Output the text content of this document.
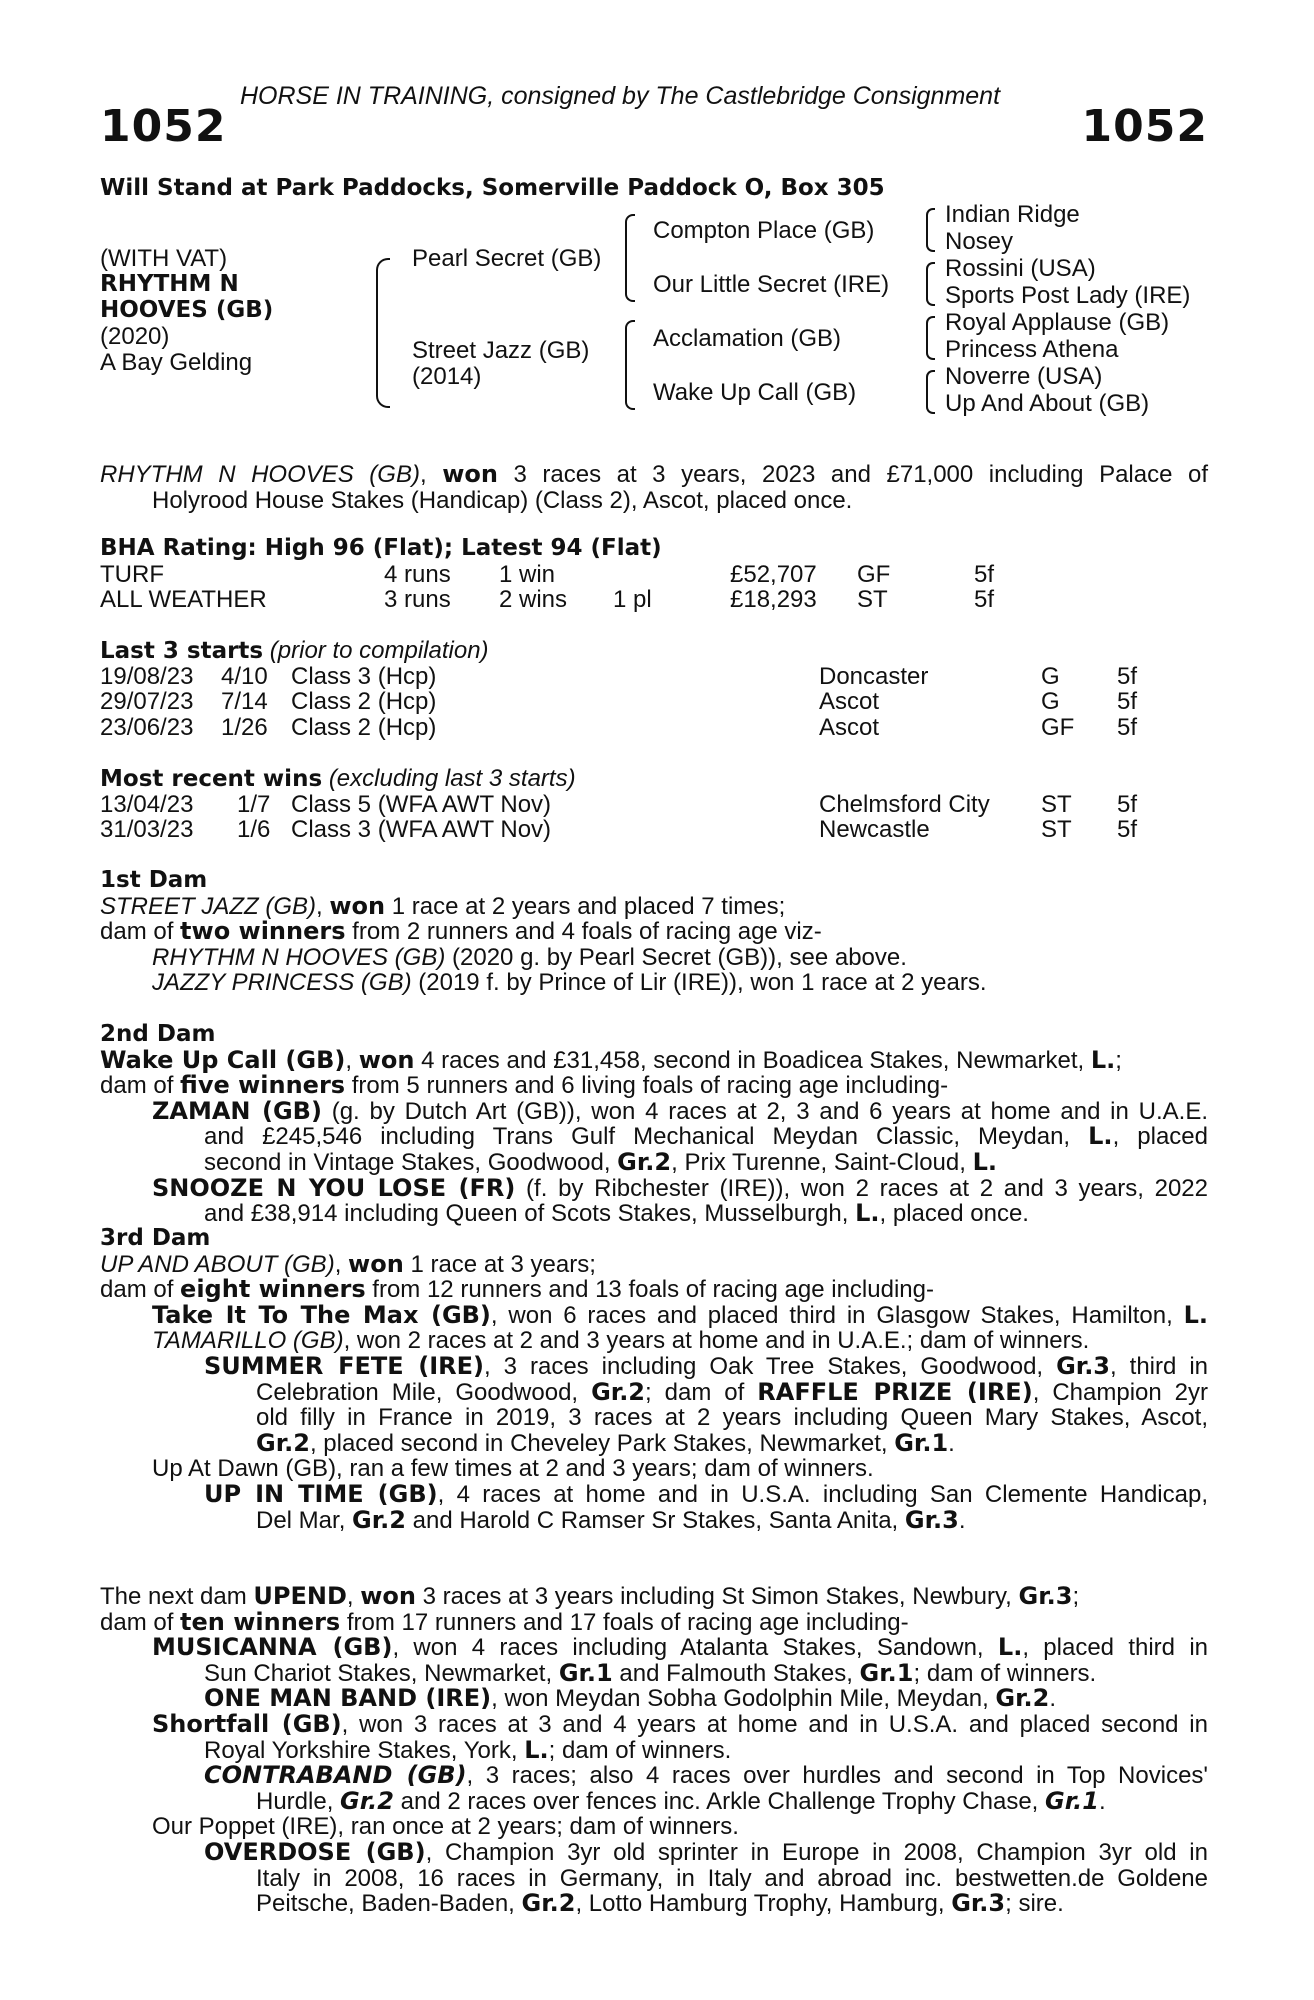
HORSE IN TRAINING, consigned by The Castlebridge Consignment
1052	1052
Will Stand at Park Paddocks, Somerville Paddock O, Box 305
(WITH VAT)
RHYTHM N
HOOVES (GB)
(2020)
A Bay Gelding
Pearl Secret (GB)
Street Jazz (GB)
(2014)
Compton Place (GB)
Our Little Secret (IRE)
Acclamation (GB)
Wake Up Call (GB)
Indian Ridge
Nosey
Rossini (USA)
Sports Post Lady (IRE)
Royal Applause (GB)
Princess Athena
Noverre (USA)
Up And About (GB)
RHYTHM N HOOVES (GB), won 3 races at 3 years, 2023 and £71,000 including Palace of
Holyrood House Stakes (Handicap) (Class 2), Ascot, placed once.
BHA Rating: High 96 (Flat); Latest 94 (Flat)
TURF	4 runs 1 win	£52,707 GF	5f
ALL WEATHER	3 runs 2 wins 1 pl	£18,293 ST	5f
Last 3 starts (prior to compilation)
19/08/23 4/10 Class 3 (Hcp)	Doncaster	G 5f
29/07/23 7/14 Class 2 (Hcp)	Ascot	G 5f
23/06/23 1/26 Class 2 (Hcp)	Ascot	GF 5f
Most recent wins (excluding last 3 starts)
13/04/23 1/7 Class 5 (WFA AWT Nov)	Chelmsford City ST 5f
31/03/23 1/6 Class 3 (WFA AWT Nov)	Newcastle	ST 5f
1st Dam
STREET JAZZ (GB), won 1 race at 2 years and placed 7 times;
dam of two winners from 2 runners and 4 foals of racing age viz-
RHYTHM N HOOVES (GB) (2020 g. by Pearl Secret (GB)), see above.
JAZZY PRINCESS (GB) (2019 f. by Prince of Lir (IRE)), won 1 race at 2 years.
2nd Dam
Wake Up Call (GB), won 4 races and £31,458, second in Boadicea Stakes, Newmarket, L.;
dam of five winners from 5 runners and 6 living foals of racing age including-
ZAMAN (GB) (g. by Dutch Art (GB)), won 4 races at 2, 3 and 6 years at home and in U.A.E.
and £245,546 including Trans Gulf Mechanical Meydan Classic, Meydan, L., placed
second in Vintage Stakes, Goodwood, Gr.2, Prix Turenne, Saint-Cloud, L.
SNOOZE N YOU LOSE (FR) (f. by Ribchester (IRE)), won 2 races at 2 and 3 years, 2022
and £38,914 including Queen of Scots Stakes, Musselburgh, L., placed once.
3rd Dam
UP AND ABOUT (GB), won 1 race at 3 years;
dam of eight winners from 12 runners and 13 foals of racing age including-
Take It To The Max (GB), won 6 races and placed third in Glasgow Stakes, Hamilton, L.
TAMARILLO (GB), won 2 races at 2 and 3 years at home and in U.A.E.; dam of winners.
SUMMER FETE (IRE), 3 races including Oak Tree Stakes, Goodwood, Gr.3, third in
Celebration Mile, Goodwood, Gr.2; dam of RAFFLE PRIZE (IRE), Champion 2yr
old filly in France in 2019, 3 races at 2 years including Queen Mary Stakes, Ascot,
Gr.2, placed second in Cheveley Park Stakes, Newmarket, Gr.1.
Up At Dawn (GB), ran a few times at 2 and 3 years; dam of winners.
UP IN TIME (GB), 4 races at home and in U.S.A. including San Clemente Handicap,
Del Mar, Gr.2 and Harold C Ramser Sr Stakes, Santa Anita, Gr.3.
The next dam UPEND, won 3 races at 3 years including St Simon Stakes, Newbury, Gr.3;
dam of ten winners from 17 runners and 17 foals of racing age including-
MUSICANNA (GB), won 4 races including Atalanta Stakes, Sandown, L., placed third in
Sun Chariot Stakes, Newmarket, Gr.1 and Falmouth Stakes, Gr.1; dam of winners.
ONE MAN BAND (IRE), won Meydan Sobha Godolphin Mile, Meydan, Gr.2.
Shortfall (GB), won 3 races at 3 and 4 years at home and in U.S.A. and placed second in
Royal Yorkshire Stakes, York, L.; dam of winners.
CONTRABAND (GB), 3 races; also 4 races over hurdles and second in Top Novices'
Hurdle, Gr.2 and 2 races over fences inc. Arkle Challenge Trophy Chase, Gr.1.
Our Poppet (IRE), ran once at 2 years; dam of winners.
OVERDOSE (GB), Champion 3yr old sprinter in Europe in 2008, Champion 3yr old in
Italy in 2008, 16 races in Germany, in Italy and abroad inc. bestwetten.de Goldene
Peitsche, Baden-Baden, Gr.2, Lotto Hamburg Trophy, Hamburg, Gr.3; sire.
